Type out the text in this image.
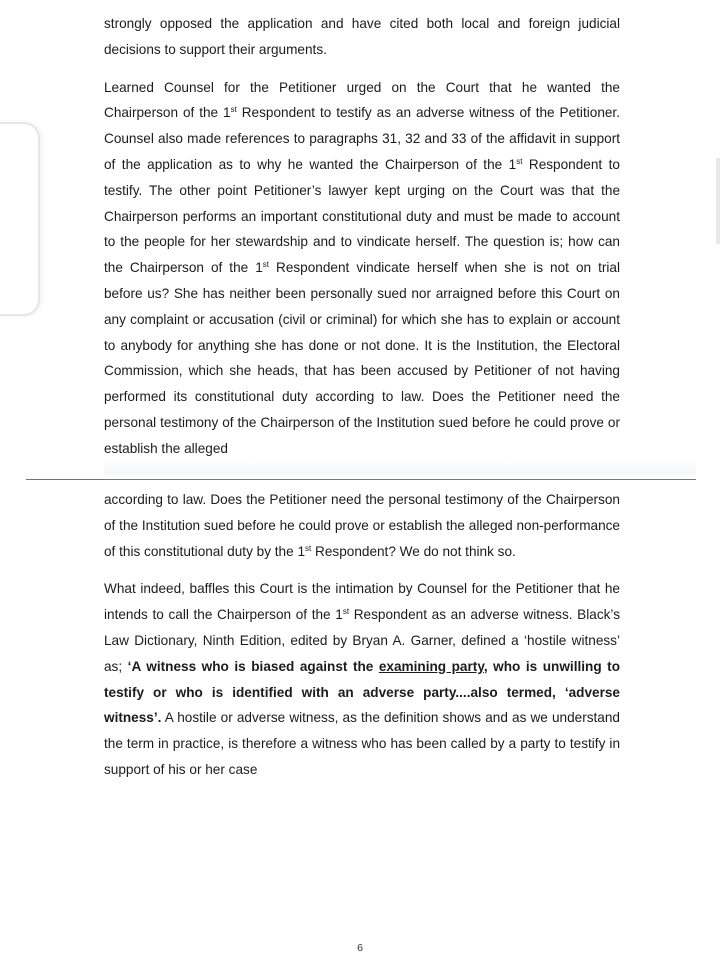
strongly opposed the application and have cited both local and foreign judicial decisions to support their arguments.

Learned Counsel for the Petitioner urged on the Court that he wanted the Chairperson of the 1st Respondent to testify as an adverse witness of the Petitioner. Counsel also made references to paragraphs 31, 32 and 33 of the affidavit in support of the application as to why he wanted the Chairperson of the 1st Respondent to testify. The other point Petitioner’s lawyer kept urging on the Court was that the Chairperson performs an important constitutional duty and must be made to account to the people for her stewardship and to vindicate herself. The question is; how can the Chairperson of the 1st Respondent vindicate herself when she is not on trial before us? She has neither been personally sued nor arraigned before this Court on any complaint or accusation (civil or criminal) for which she has to explain or account to anybody for anything she has done or not done. It is the Institution, the Electoral Commission, which she heads, that has been accused by Petitioner of not having performed its constitutional duty according to law. Does the Petitioner need the personal testimony of the Chairperson of the Institution sued before he could prove or establish the alleged

according to law. Does the Petitioner need the personal testimony of the Chairperson of the Institution sued before he could prove or establish the alleged non-performance of this constitutional duty by the 1st Respondent? We do not think so.

What indeed, baffles this Court is the intimation by Counsel for the Petitioner that he intends to call the Chairperson of the 1st Respondent as an adverse witness. Black’s Law Dictionary, Ninth Edition, edited by Bryan A. Garner, defined a ‘hostile witness’ as; ‘A witness who is biased against the examining party, who is unwilling to testify or who is identified with an adverse party....also termed, ‘adverse witness’. A hostile or adverse witness, as the definition shows and as we understand the term in practice, is therefore a witness who has been called by a party to testify in support of his or her case

6
